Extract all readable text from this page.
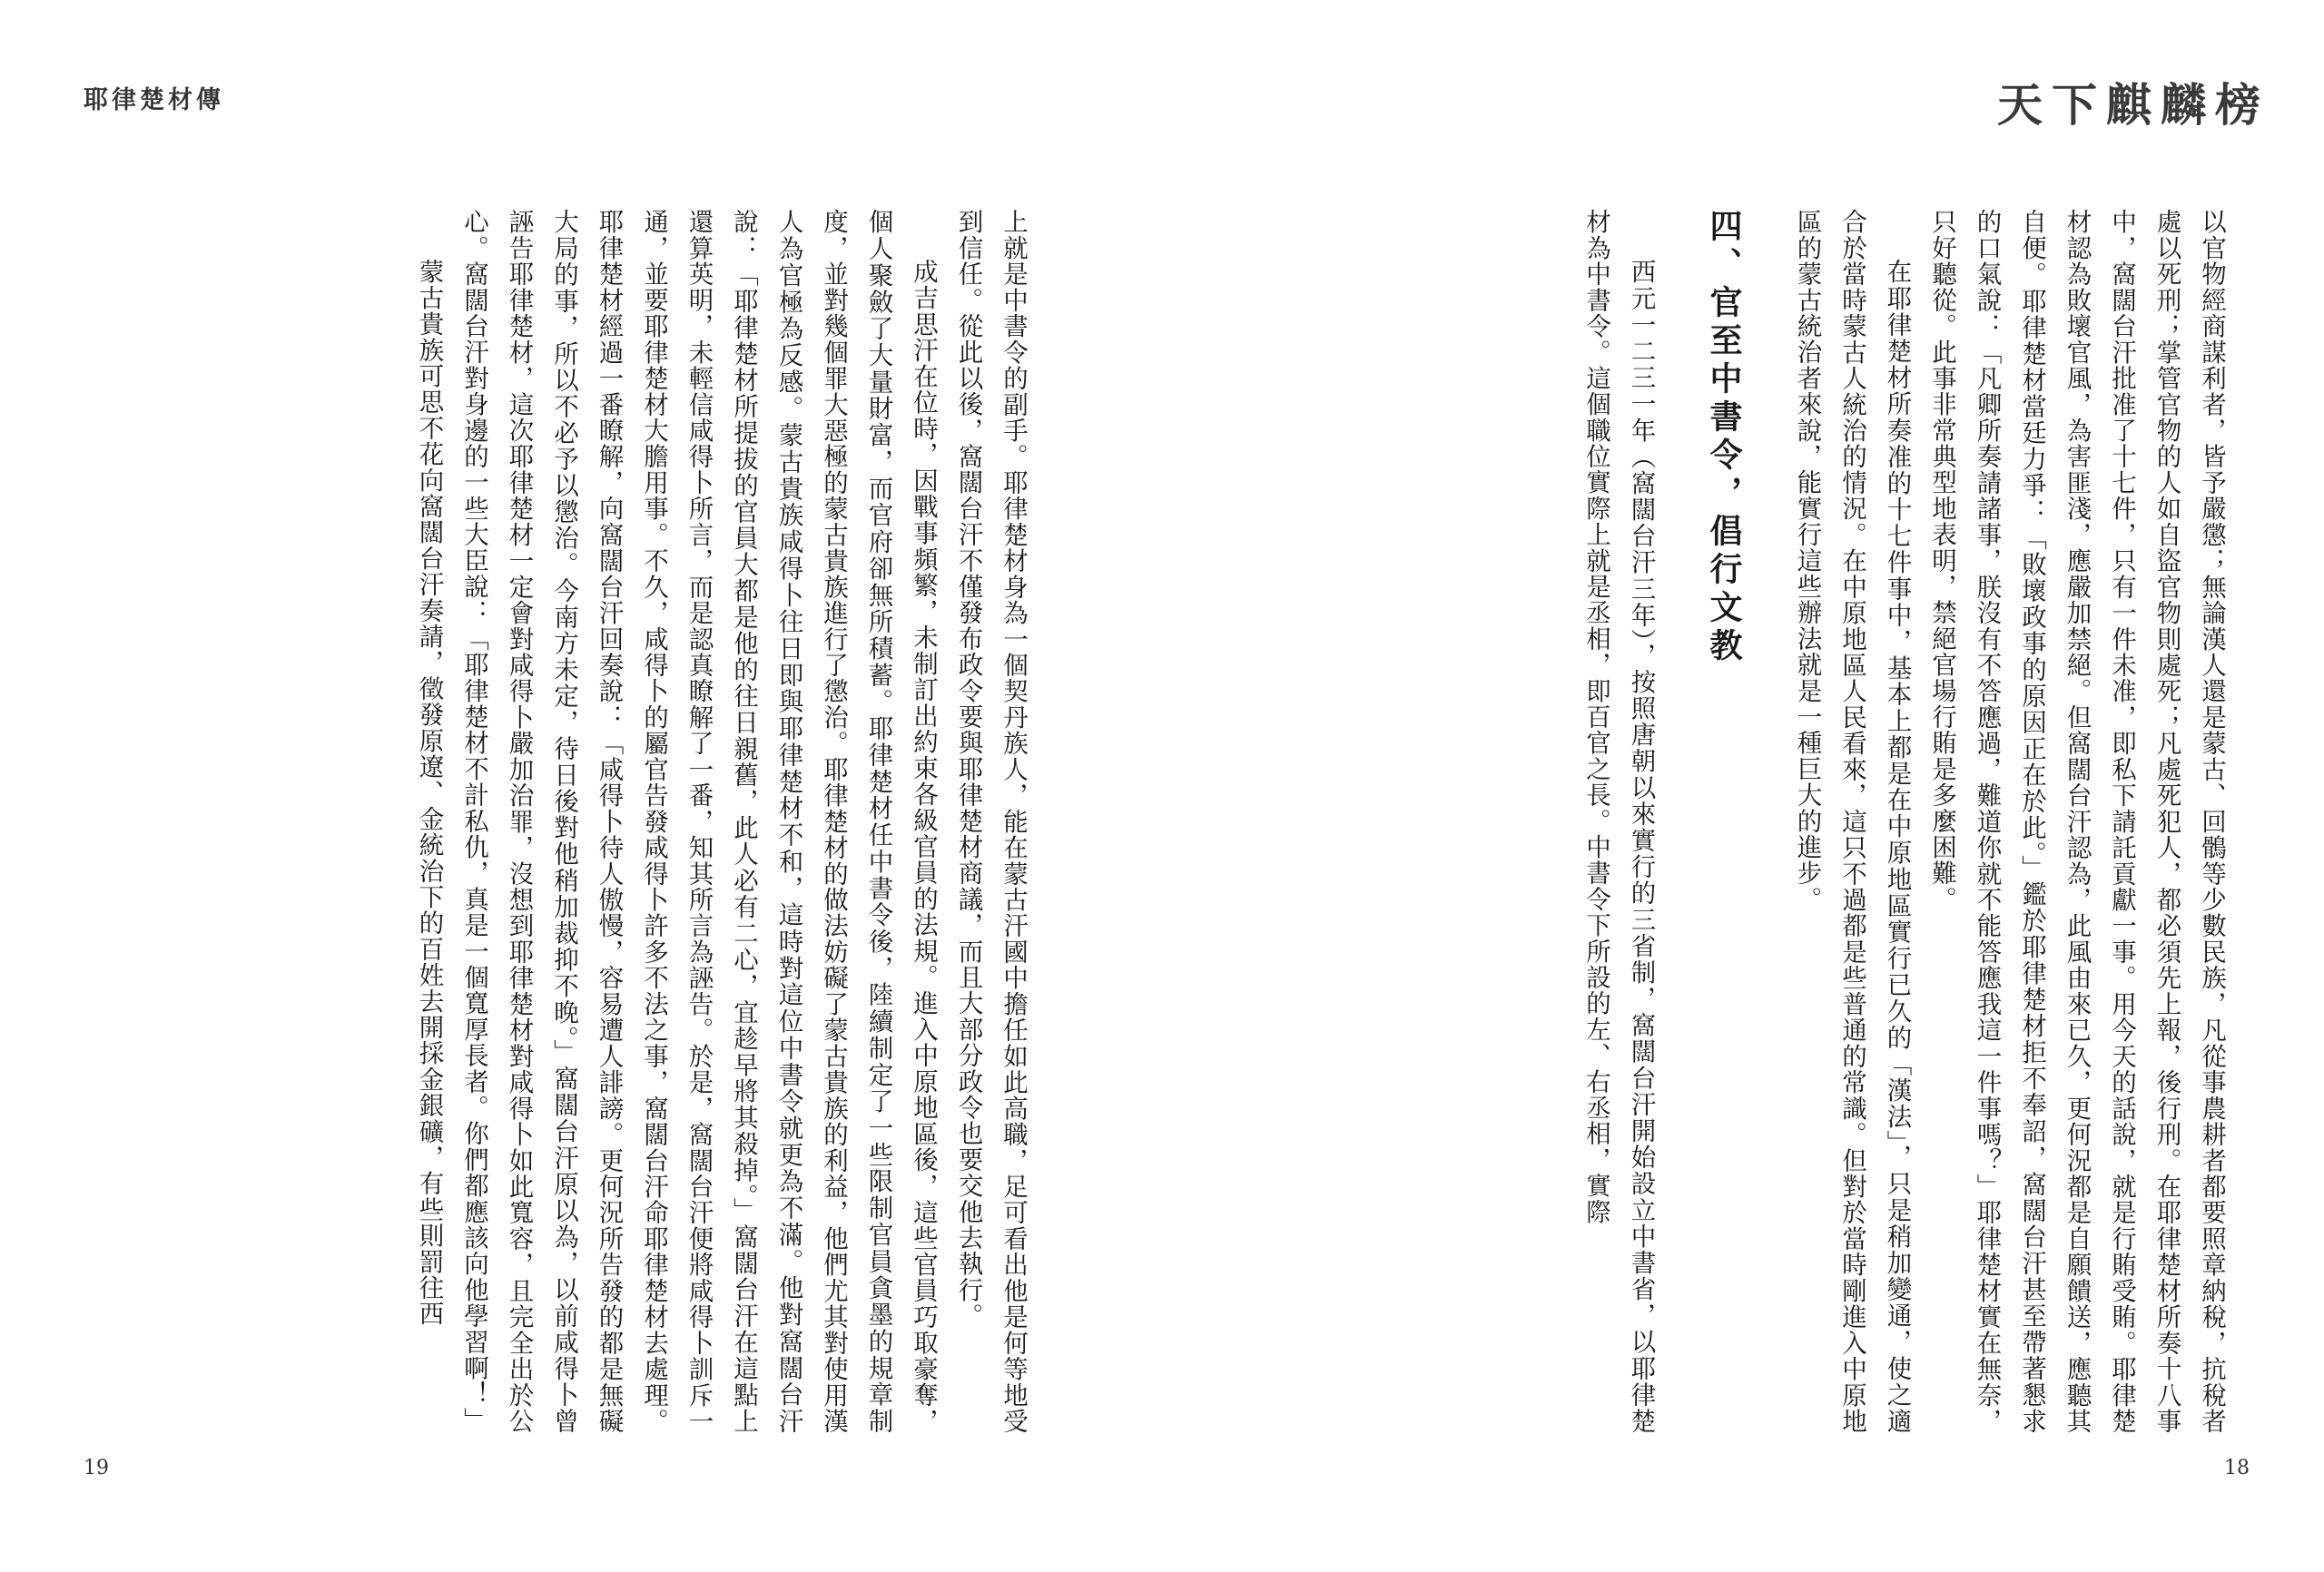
耶律楚材傳

上就是中書令的副手。耶律楚材身為一個契丹族人，能在蒙古汗國中擔任如此高職，足可看出他是何等地受到信任。從此以後，窩闊台汗不僅發布政令要與耶律楚材商議，而且大部分政令也要交他去執行。

成吉思汗在位時，因戰事頻繁，未制訂出約束各級官員的法規。進入中原地區後，這些官員巧取豪奪，個人聚斂了大量財富，而官府卻無所積蓄。耶律楚材任中書令後，陸續制定了一些限制官員貪墨的規章制度，並對幾個罪大惡極的蒙古貴族進行了懲治。耶律楚材的做法妨礙了蒙古貴族的利益，他們尤其對使用漢人為官極為反感。蒙古貴族咸得卜往日即與耶律楚材不和，這時對這位中書令就更為不滿。他對窩闊台汗說：「耶律楚材所提拔的官員大都是他的往日親舊，此人必有二心，宜趁早將其殺掉。」窩闊台汗在這點上還算英明，未輕信咸得卜所言，而是認真瞭解了一番，知其所言為誣告。於是，窩闊台汗便將咸得卜訓斥一通，並要耶律楚材大膽用事。不久，咸得卜的屬官告發咸得卜許多不法之事，窩闊台汗命耶律楚材去處理。耶律楚材經過一番瞭解，向窩闊台汗回奏說：「咸得卜待人傲慢，容易遭人誹謗。更何況所告發的都是無礙大局的事，所以不必予以懲治。今南方未定，待日後對他稍加裁抑不晚。」窩闊台汗原以為，以前咸得卜曾誣告耶律楚材，這次耶律楚材一定會對咸得卜嚴加治罪，沒想到耶律楚材對咸得卜如此寬容，且完全出於公心。窩闊台汗對身邊的一些大臣說：「耶律楚材不計私仇，真是一個寬厚長者。你們都應該向他學習啊！」

蒙古貴族可思不花向窩闊台汗奏請，徵發原遼、金統治下的百姓去開採金銀礦，有些則罰往西

19
天下麒麟榜

以官物經商謀利者，皆予嚴懲；無論漢人還是蒙古、回鶻等少數民族，凡從事農耕者都要照章納稅，抗稅者處以死刑；掌管官物的人如自盜官物則處死；凡處死犯人，都必須先上報，後行刑。在耶律楚材所奏十八事中，窩闊台汗批准了十七件，只有一件未准，即私下請託貢獻一事。用今天的話說，就是行賄受賄。耶律楚材認為敗壞官風，為害匪淺，應嚴加禁絕。但窩闊台汗認為，此風由來已久，更何況都是自願饋送，應聽其自便。耶律楚材當廷力爭：「敗壞政事的原因正在於此。」鑑於耶律楚材拒不奉詔，窩闊台汗甚至帶著懇求的口氣說：「凡卿所奏請諸事，朕沒有不答應過，難道你就不能答應我這一件事嗎？」耶律楚材實在無奈，只好聽從。此事非常典型地表明，禁絕官場行賄是多麼困難。

在耶律楚材所奏准的十七件事中，基本上都是在中原地區實行已久的「漢法」，只是稍加變通，使之適合於當時蒙古人統治的情況。在中原地區人民看來，這只不過都是些普通的常識。但對於當時剛進入中原地區的蒙古統治者來說，能實行這些辦法就是一種巨大的進步。

四、官至中書令，倡行文教

西元一二三一年（窩闊台汗三年），按照唐朝以來實行的三省制，窩闊台汗開始設立中書省，以耶律楚材為中書令。這個職位實際上就是丞相，即百官之長。中書令下所設的左、右丞相，實際

18
